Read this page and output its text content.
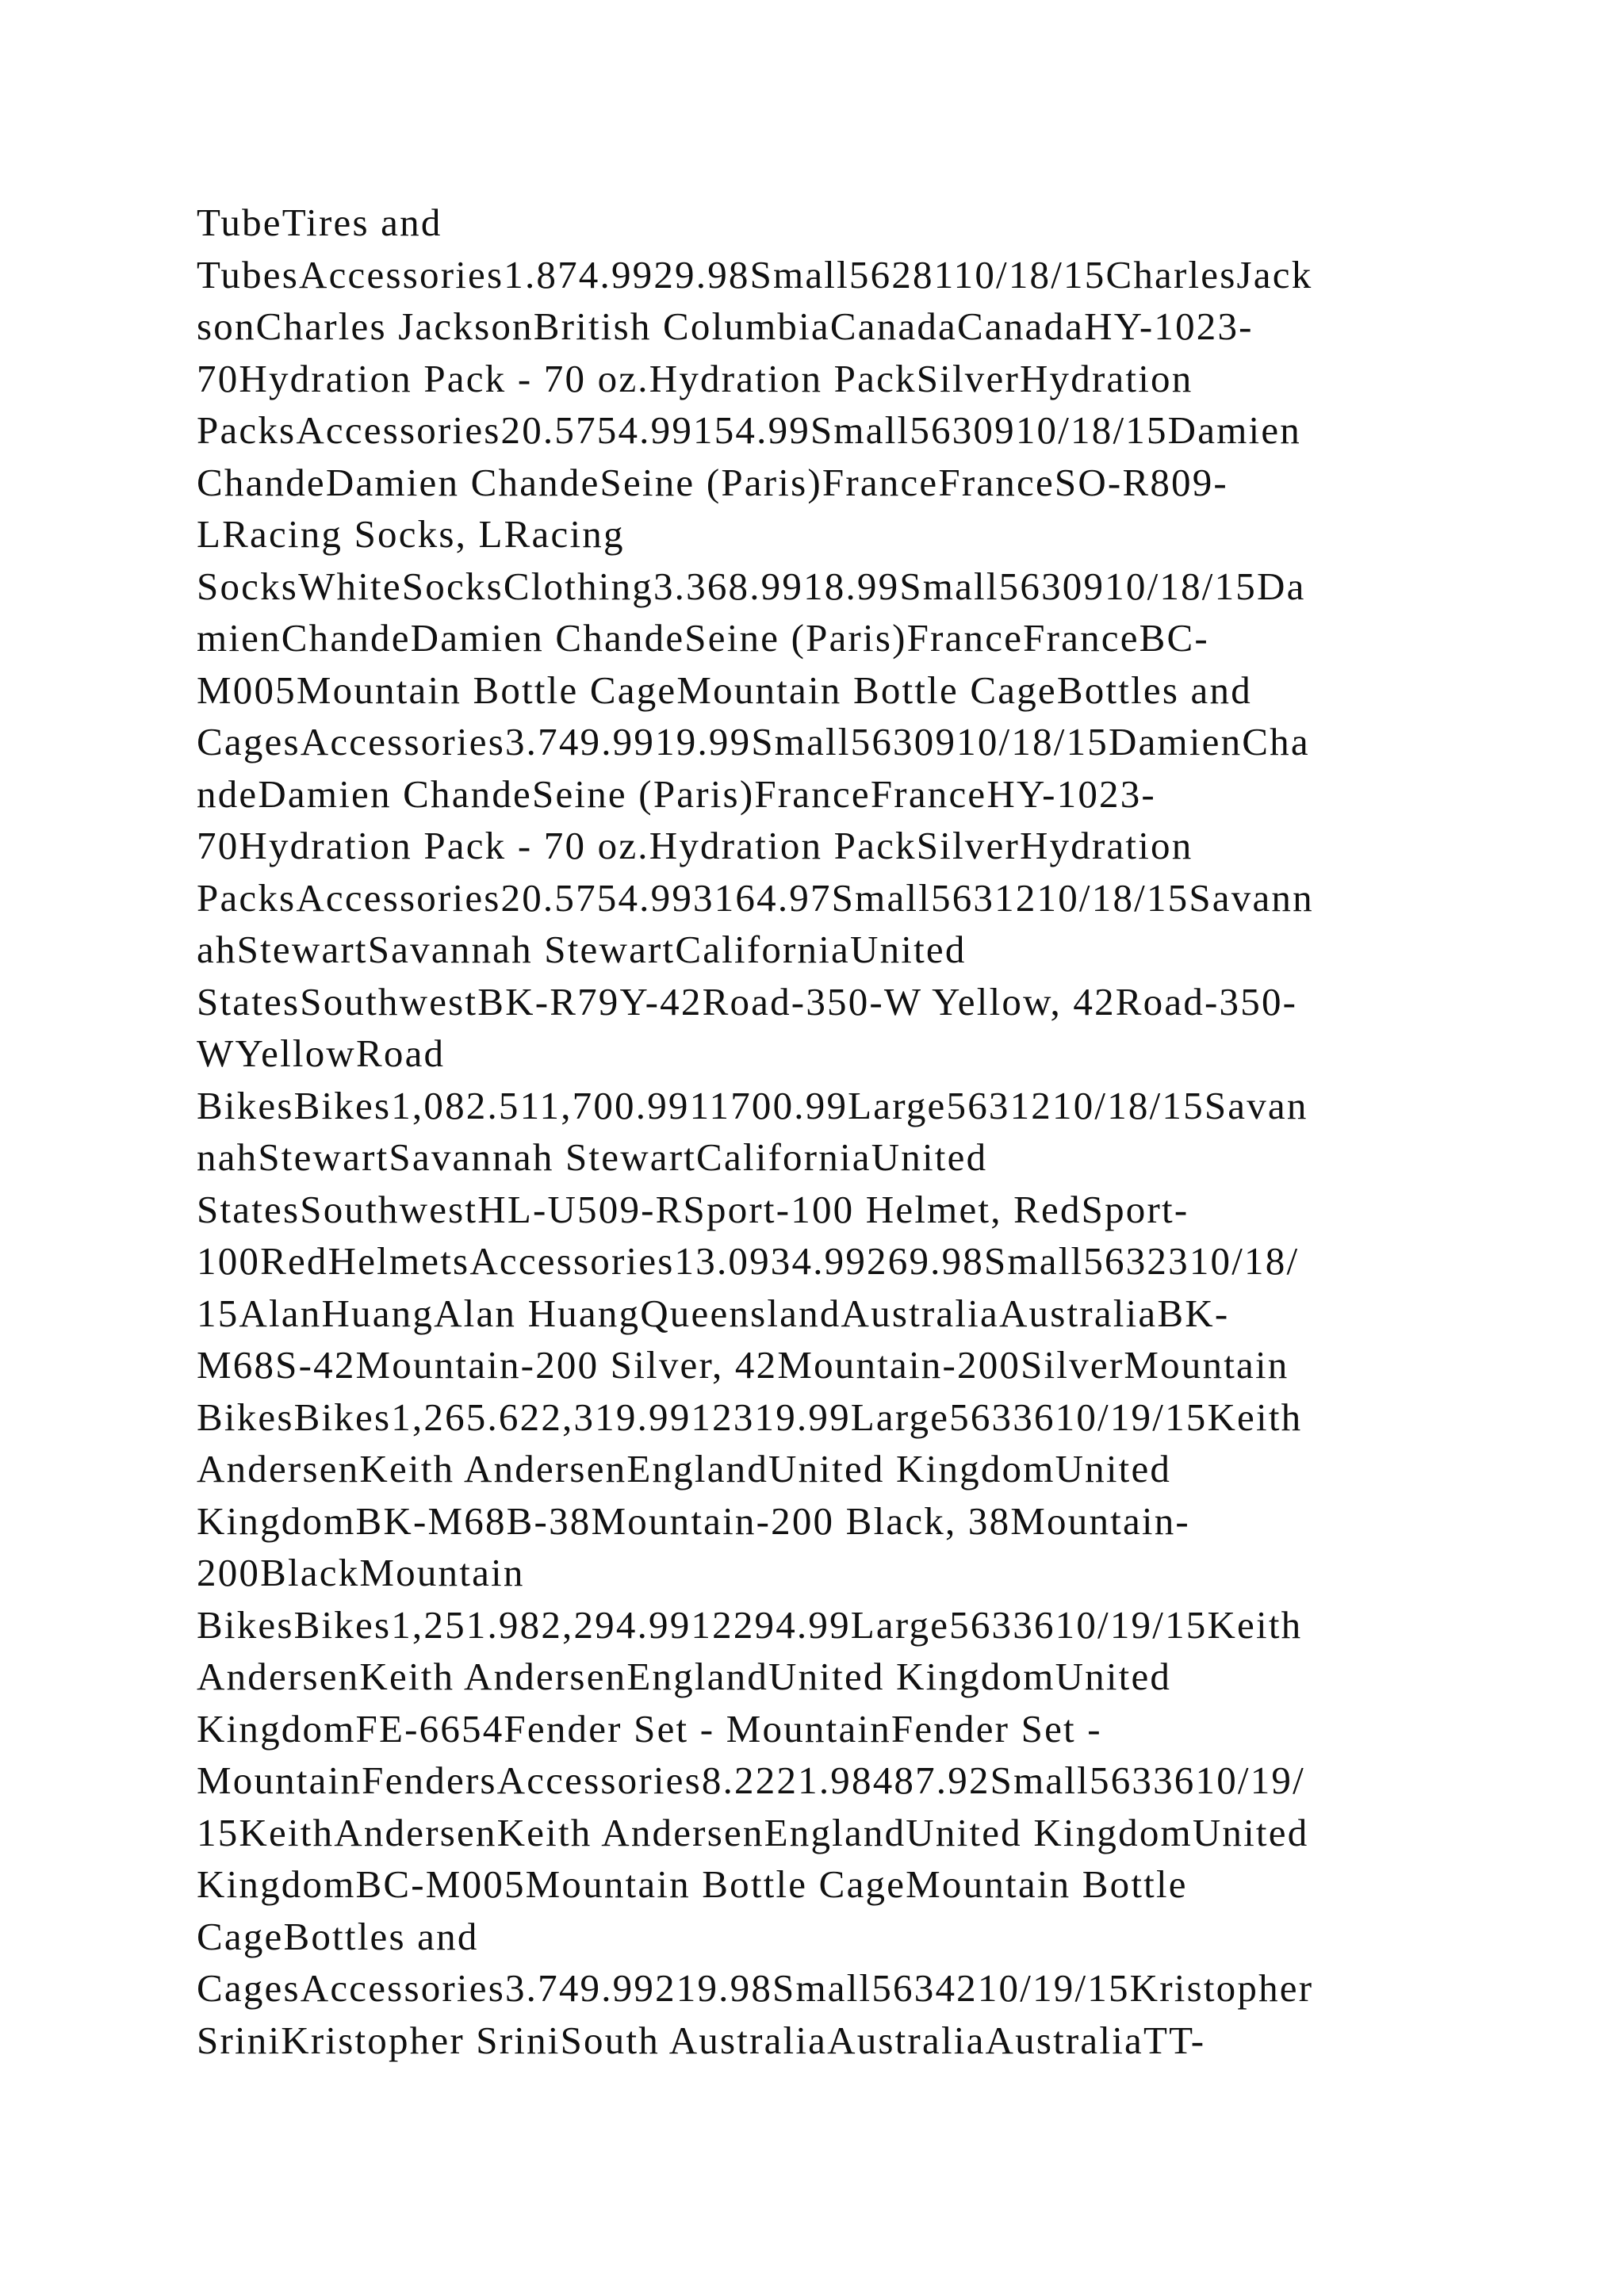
TubeTires and
TubesAccessories1.874.9929.98Small5628110/18/15CharlesJack
sonCharles JacksonBritish ColumbiaCanadaCanadaHY-1023-
70Hydration Pack - 70 oz.Hydration PackSilverHydration
PacksAccessories20.5754.99154.99Small5630910/18/15Damien
ChandeDamien ChandeSeine (Paris)FranceFranceSO-R809-
LRacing Socks, LRacing
SocksWhiteSocksClothing3.368.9918.99Small5630910/18/15Da
mienChandeDamien ChandeSeine (Paris)FranceFranceBC-
M005Mountain Bottle CageMountain Bottle CageBottles and
CagesAccessories3.749.9919.99Small5630910/18/15DamienCha
ndeDamien ChandeSeine (Paris)FranceFranceHY-1023-
70Hydration Pack - 70 oz.Hydration PackSilverHydration
PacksAccessories20.5754.993164.97Small5631210/18/15Savann
ahStewartSavannah StewartCaliforniaUnited
StatesSouthwestBK-R79Y-42Road-350-W Yellow, 42Road-350-
WYellowRoad
BikesBikes1,082.511,700.9911700.99Large5631210/18/15Savan
nahStewartSavannah StewartCaliforniaUnited
StatesSouthwestHL-U509-RSport-100 Helmet, RedSport-
100RedHelmetsAccessories13.0934.99269.98Small5632310/18/
15AlanHuangAlan HuangQueenslandAustraliaAustraliaBK-
M68S-42Mountain-200 Silver, 42Mountain-200SilverMountain
BikesBikes1,265.622,319.9912319.99Large5633610/19/15Keith
AndersenKeith AndersenEnglandUnited KingdomUnited
KingdomBK-M68B-38Mountain-200 Black, 38Mountain-
200BlackMountain
BikesBikes1,251.982,294.9912294.99Large5633610/19/15Keith
AndersenKeith AndersenEnglandUnited KingdomUnited
KingdomFE-6654Fender Set - MountainFender Set -
MountainFendersAccessories8.2221.98487.92Small5633610/19/
15KeithAndersenKeith AndersenEnglandUnited KingdomUnited
KingdomBC-M005Mountain Bottle CageMountain Bottle
CageBottles and
CagesAccessories3.749.99219.98Small5634210/19/15Kristopher
SriniKristopher SriniSouth AustraliaAustraliaAustraliaTT-
